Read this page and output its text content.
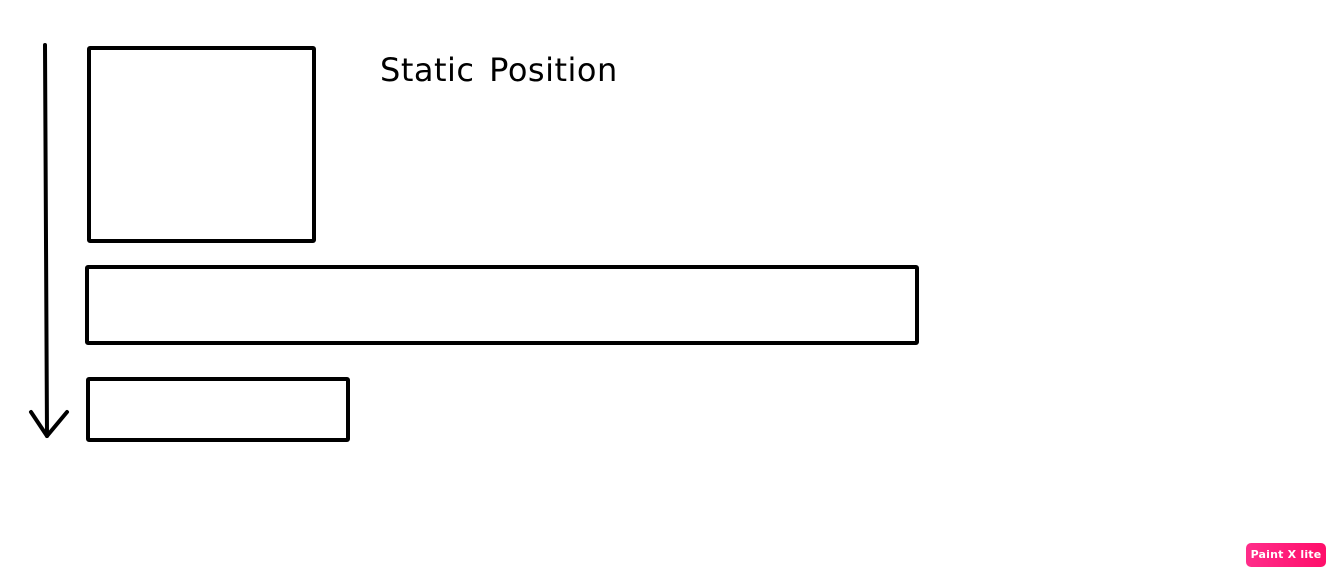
Static Position
Paint X lite
